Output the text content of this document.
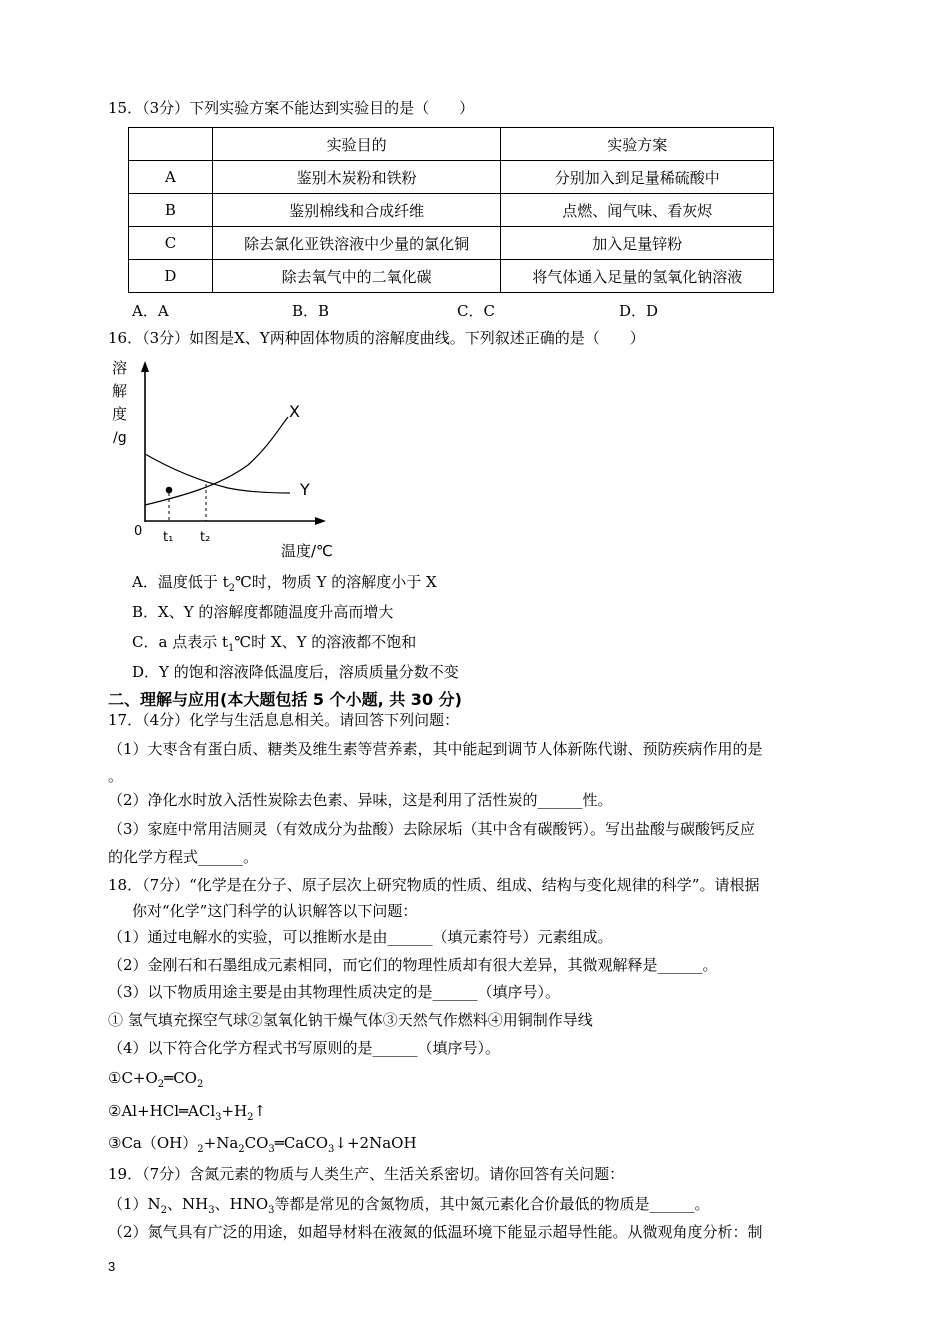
15．（3分）下列实验方案不能达到实验目的是（　　）
	实验目的	实验方案
A	鉴别木炭粉和铁粉	分别加入到足量稀硫酸中
B	鉴别棉线和合成纤维	点燃、闻气味、看灰烬
C	除去氯化亚铁溶液中少量的氯化铜	加入足量锌粉
D	除去氧气中的二氧化碳	将气体通入足量的氢氧化钠溶液
A．A	B．B	C．C	D．D
16．（3分）如图是X、Y两种固体物质的溶解度曲线。下列叙述正确的是（　　）
溶
解
度
/g
X
Y
0 t₁ t₂
温度/℃
A．温度低于 $t_2℃$时，物质 Y 的溶解度小于 X
B．X、Y 的溶解度都随温度升高而增大
C．a 点表示 $t_1℃$时 X、Y 的溶液都不饱和
D．Y 的饱和溶液降低温度后，溶质质量分数不变
二、理解与应用(本大题包括 5 个小题, 共 30 分)
17．（4分）化学与生活息息相关。请回答下列问题：
（1）大枣含有蛋白质、糖类及维生素等营养素，其中能起到调节人体新陈代谢、预防疾病作用的是
。
（2）净化水时放入活性炭除去色素、异味，这是利用了活性炭的______性。
（3）家庭中常用洁厕灵（有效成分为盐酸）去除尿垢（其中含有碳酸钙）。写出盐酸与碳酸钙反应
的化学方程式______。
18．（7分）“化学是在分子、原子层次上研究物质的性质、组成、结构与变化规律的科学”。请根据
你对“化学”这门科学的认识解答以下问题：
（1）通过电解水的实验，可以推断水是由______（填元素符号）元素组成。
（2）金刚石和石墨组成元素相同，而它们的物理性质却有很大差异，其微观解释是______。
（3）以下物质用途主要是由其物理性质决定的是______（填序号）。
① 氢气填充探空气球②氢氧化钠干燥气体③天然气作燃料④用铜制作导线
（4）以下符合化学方程式书写原则的是______（填序号）。
$①C+O_2═CO_2$
$②Al+HCl═ACl_3+H_2↑$
$③Ca(OH)_2+Na_2CO_3═CaCO_3↓+2NaOH$
19．（7分）含氮元素的物质与人类生产、生活关系密切。请你回答有关问题：
$(1)N_2$、$NH_3$、$HNO_3$等都是常见的含氮物质，其中氮元素化合价最低的物质是______。
（2）氮气具有广泛的用途，如超导材料在液氮的低温环境下能显示超导性能。从微观角度分析：制
3
